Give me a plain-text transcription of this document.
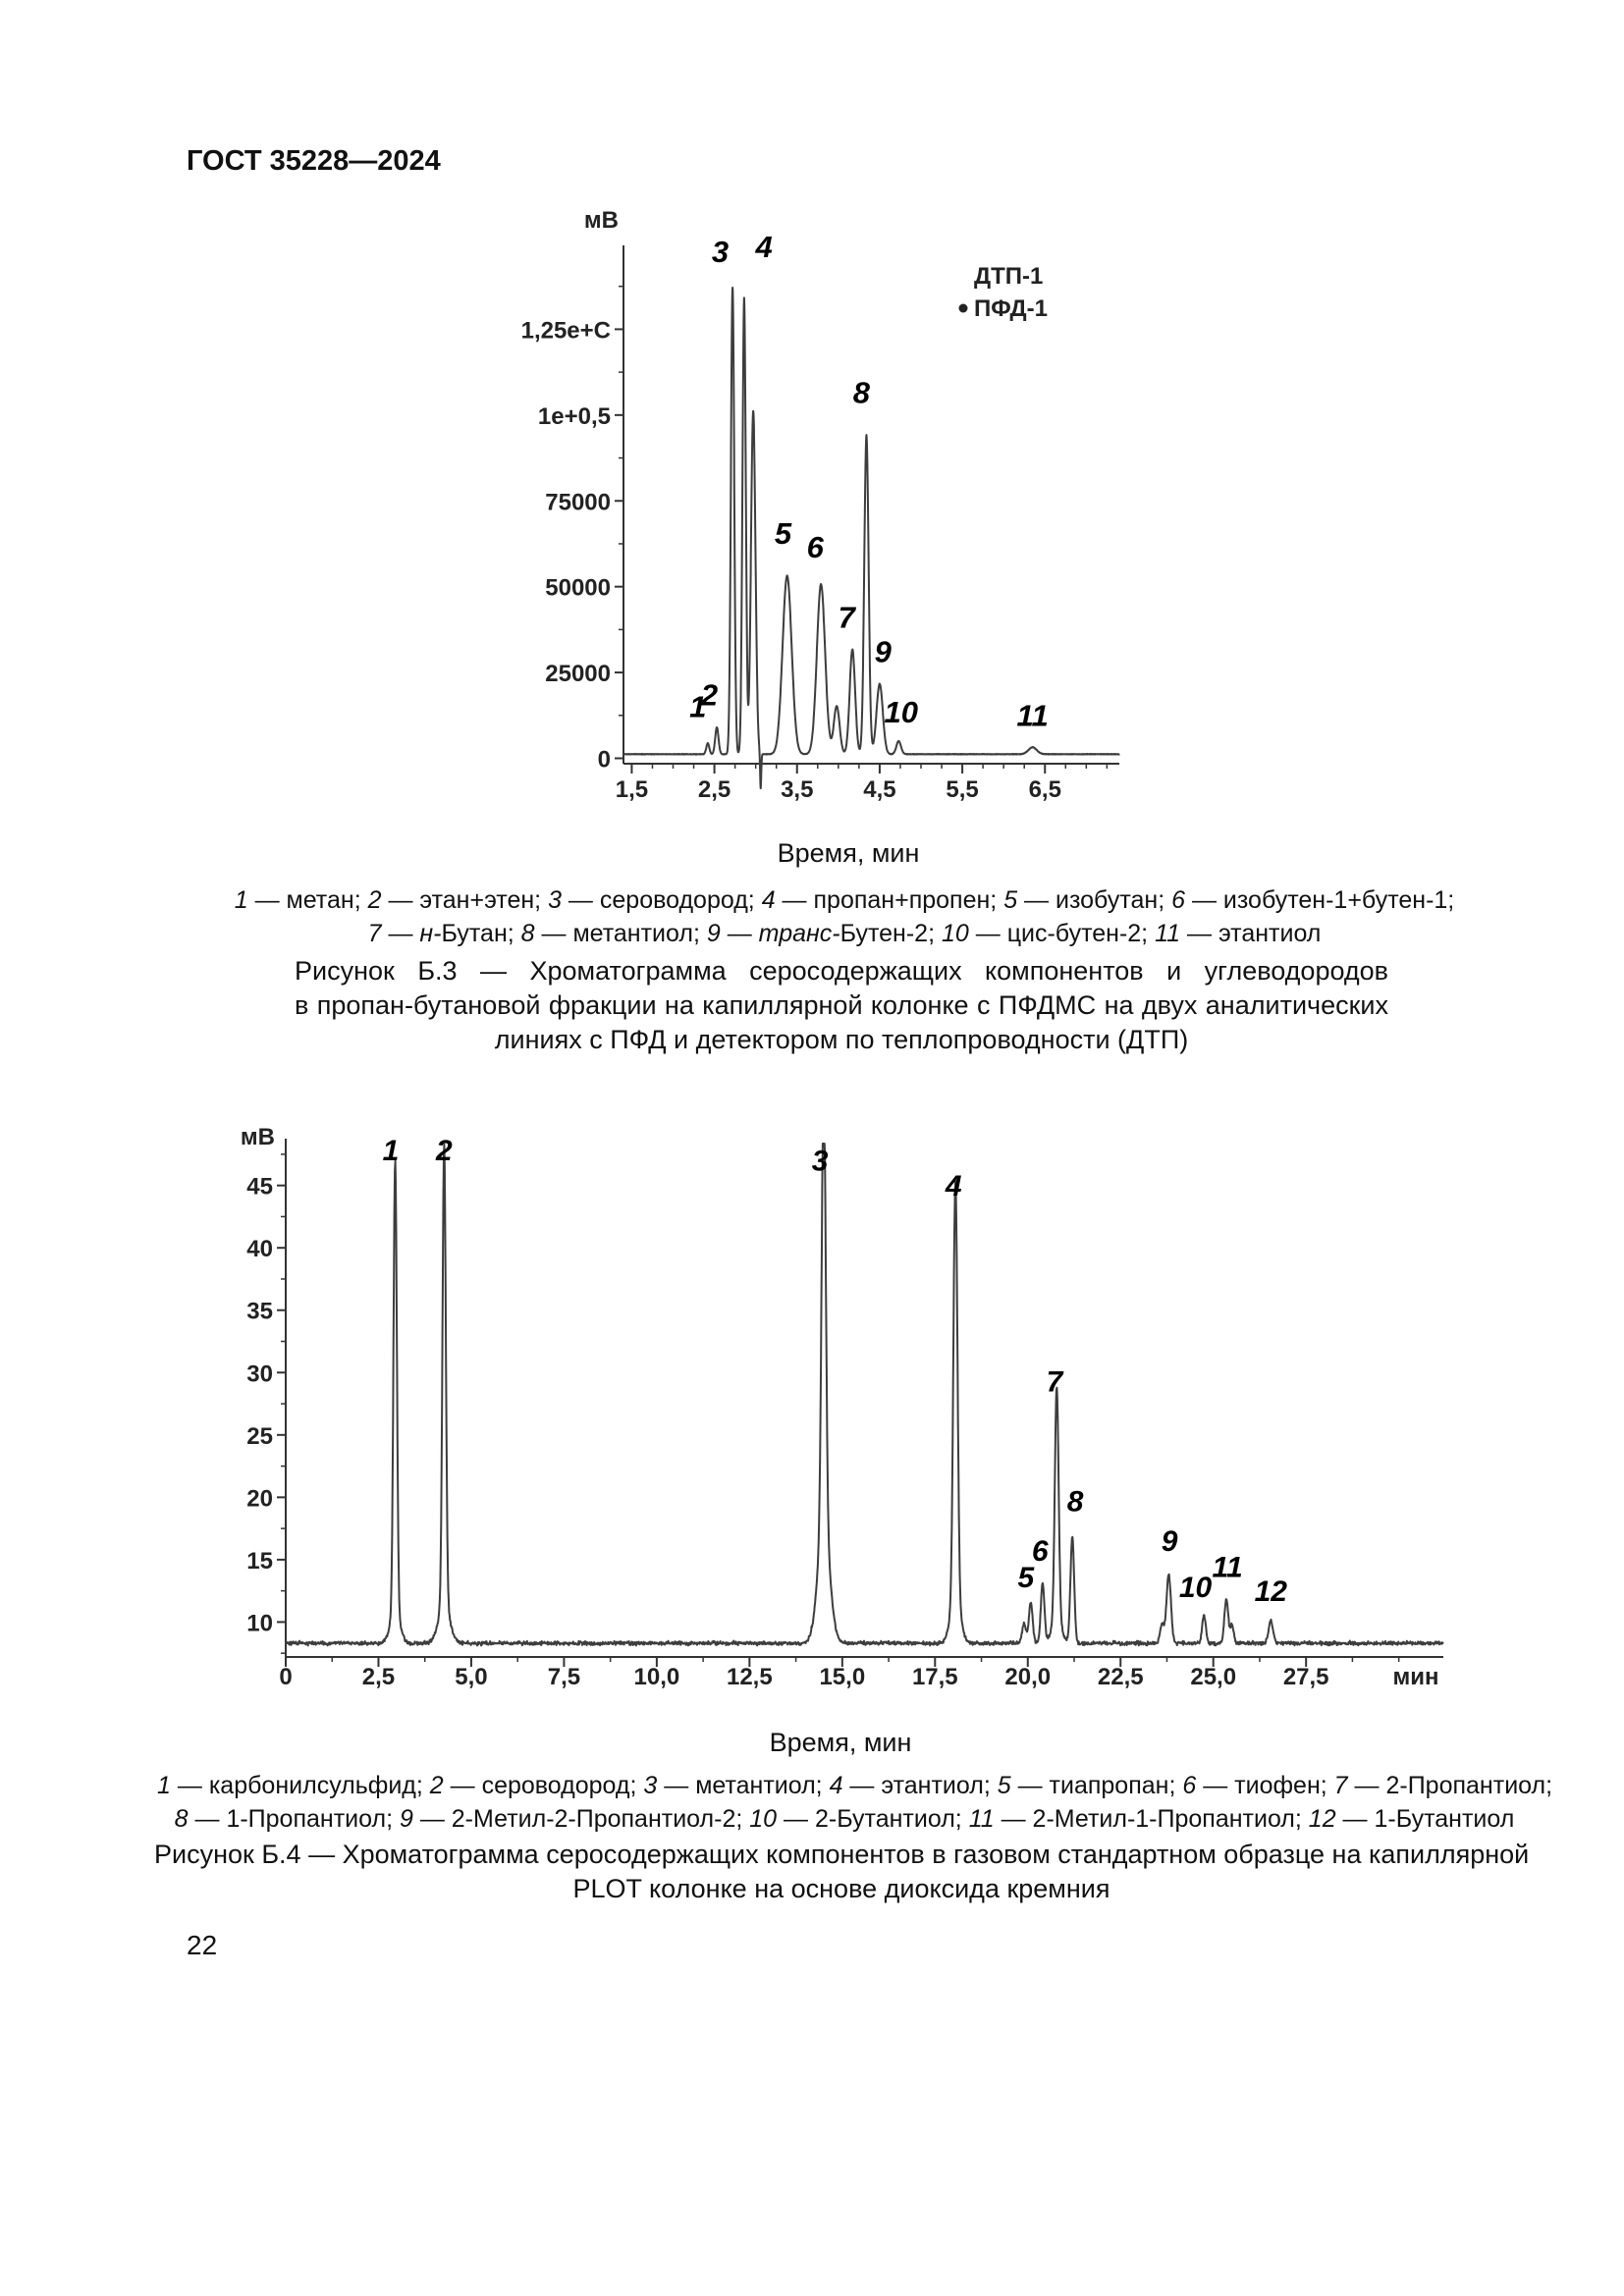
ГОСТ 35228—2024
1,5 2,5 3,5 4,5 5,5 6,5
0
25000
50000
75000
1e+0,5
1,25e+C
мВ
Время, мин
1
2
3 4
5 6
7
8
9
10	11
ДТП-1
ПФД-1
0	2,5	5,0	7,5 10,0 12,5 15,0 17,5 20,0 22,5 25,0 27,5	мин
10
15
20
25
30
35
40
45
мВ
Время, мин
1 2	3
4
5
6
7
8
9
10
11
12
1 — метан; 2 — этан+этен; 3 — сероводород; 4 — пропан+пропен; 5 — изобутан; 6 — изобутен-1+бутен-1;
7 — н-Бутан; 8 — метантиол; 9 — транс-Бутен-2; 10 — цис-бутен-2; 11 — этантиол
Рисунок Б.3 — Хроматограмма серосодержащих компонентов и углеводородов
в пропан-бутановой фракции на капиллярной колонке с ПФДМС на двух аналитических
линиях с ПФД и детектором по теплопроводности (ДТП)
1 — карбонилсульфид; 2 — сероводород; 3 — метантиол; 4 — этантиол; 5 — тиапропан; 6 — тиофен; 7 — 2-Пропантиол;
8 — 1-Пропантиол; 9 — 2-Метил-2-Пропантиол-2; 10 — 2-Бутантиол; 11 — 2-Метил-1-Пропантиол; 12 — 1-Бутантиол
Рисунок Б.4 — Хроматограмма серосодержащих компонентов в газовом стандартном образце на капиллярной
PLOT колонке на основе диоксида кремния
22
